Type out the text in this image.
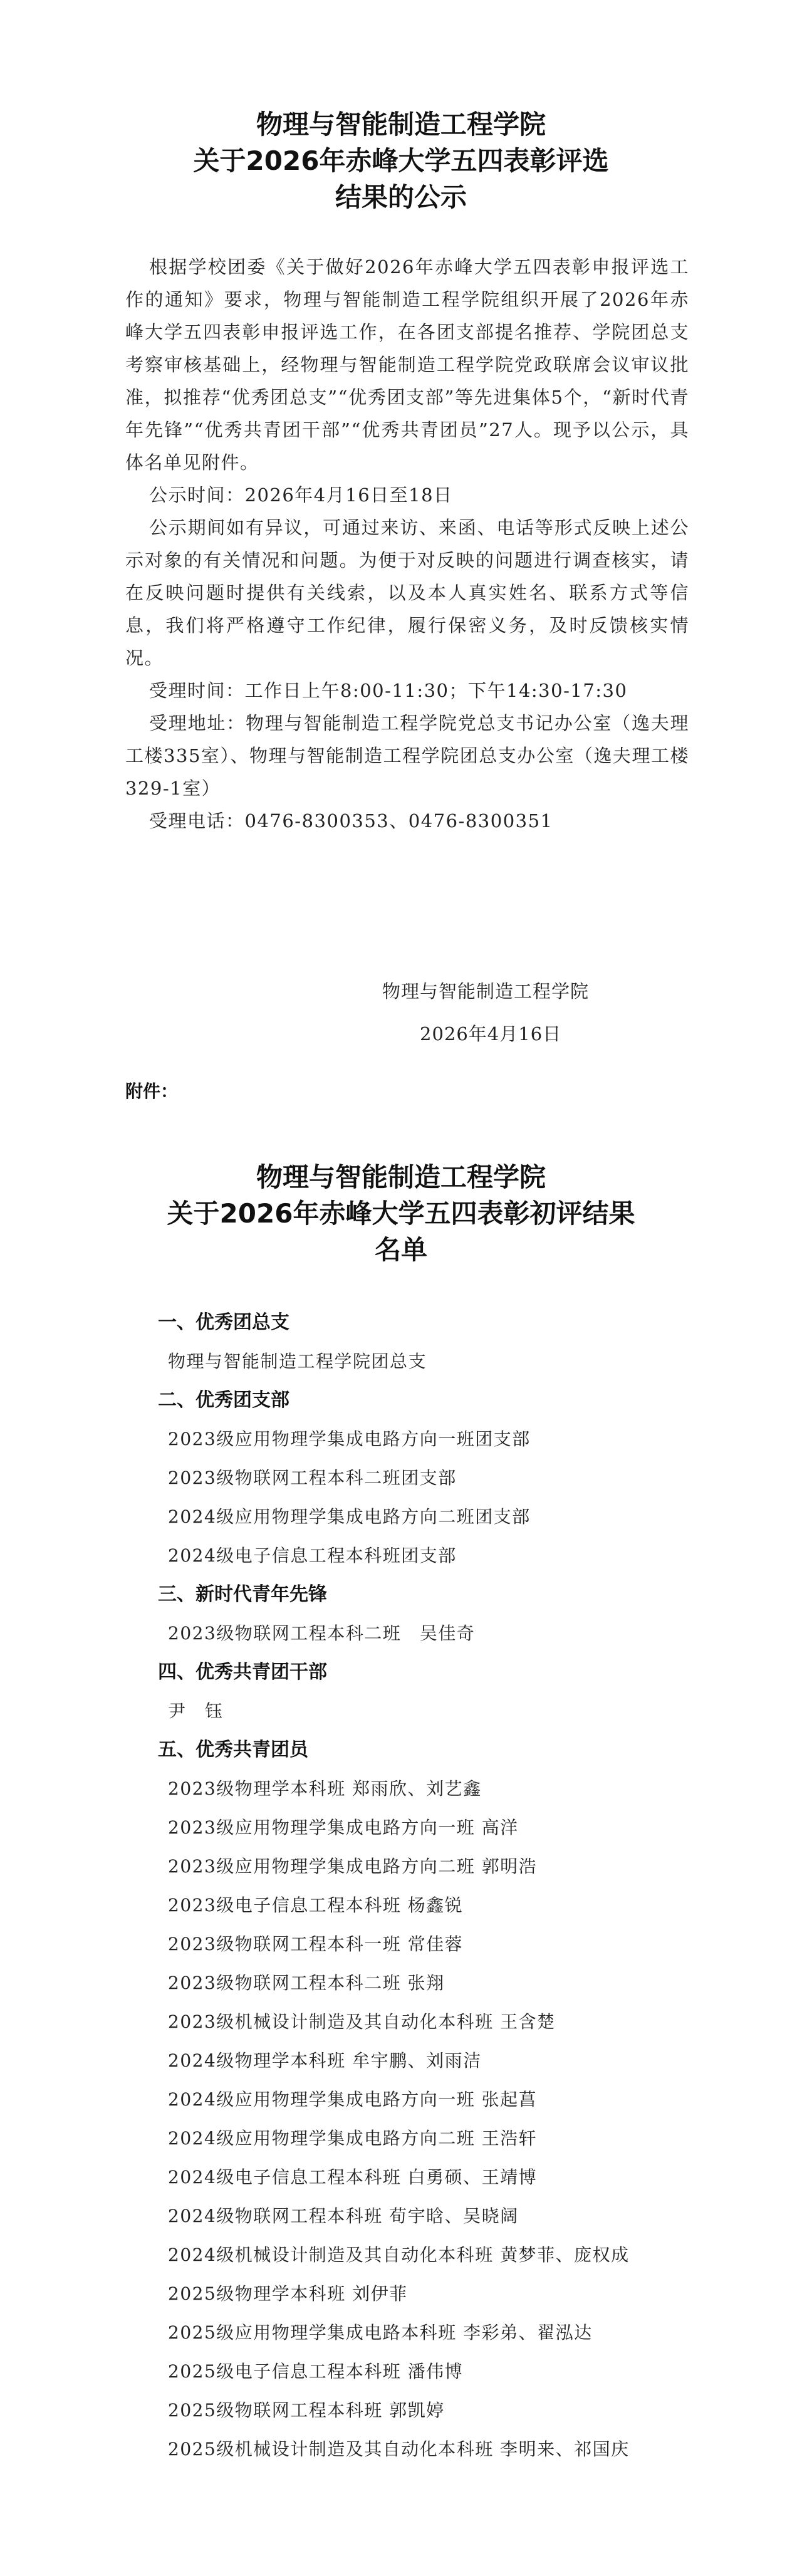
物理与智能制造工程学院
关于2026年赤峰大学五四表彰评选
结果的公示

根据学校团委《关于做好2026年赤峰大学五四表彰申报评选工作的通知》要求，物理与智能制造工程学院组织开展了2026年赤峰大学五四表彰申报评选工作，在各团支部提名推荐、学院团总支考察审核基础上，经物理与智能制造工程学院党政联席会议审议批准，拟推荐“优秀团总支”“优秀团支部”等先进集体5个，“新时代青年先锋”“优秀共青团干部”“优秀共青团员”27人。现予以公示，具体名单见附件。

公示时间：2026年4月16日至18日

公示期间如有异议，可通过来访、来函、电话等形式反映上述公示对象的有关情况和问题。为便于对反映的问题进行调查核实，请在反映问题时提供有关线索，以及本人真实姓名、联系方式等信息，我们将严格遵守工作纪律，履行保密义务，及时反馈核实情况。

受理时间：工作日上午8:00-11:30；下午14:30-17:30

受理地址：物理与智能制造工程学院党总支书记办公室（逸夫理工楼335室）、物理与智能制造工程学院团总支办公室（逸夫理工楼329-1室）

受理电话：0476-8300353、0476-8300351

物理与智能制造工程学院
2026年4月16日
附件：
物理与智能制造工程学院
关于2026年赤峰大学五四表彰初评结果
名单
一、优秀团总支
物理与智能制造工程学院团总支
二、优秀团支部
2023级应用物理学集成电路方向一班团支部
2023级物联网工程本科二班团支部
2024级应用物理学集成电路方向二班团支部
2024级电子信息工程本科班团支部
三、新时代青年先锋
2023级物联网工程本科二班　吴佳奇
四、优秀共青团干部
尹　钰
五、优秀共青团员
2023级物理学本科班 郑雨欣、刘艺鑫
2023级应用物理学集成电路方向一班 高洋
2023级应用物理学集成电路方向二班 郭明浩
2023级电子信息工程本科班 杨鑫锐
2023级物联网工程本科一班 常佳蓉
2023级物联网工程本科二班 张翔
2023级机械设计制造及其自动化本科班 王含楚
2024级物理学本科班 牟宇鹏、刘雨洁
2024级应用物理学集成电路方向一班 张起菖
2024级应用物理学集成电路方向二班 王浩轩
2024级电子信息工程本科班 白勇硕、王靖博
2024级物联网工程本科班 荀宇晗、吴晓阔
2024级机械设计制造及其自动化本科班 黄梦菲、庞权成
2025级物理学本科班 刘伊菲
2025级应用物理学集成电路本科班 李彩弟、翟泓达
2025级电子信息工程本科班 潘伟博
2025级物联网工程本科班 郭凯婷
2025级机械设计制造及其自动化本科班 李明来、祁国庆
